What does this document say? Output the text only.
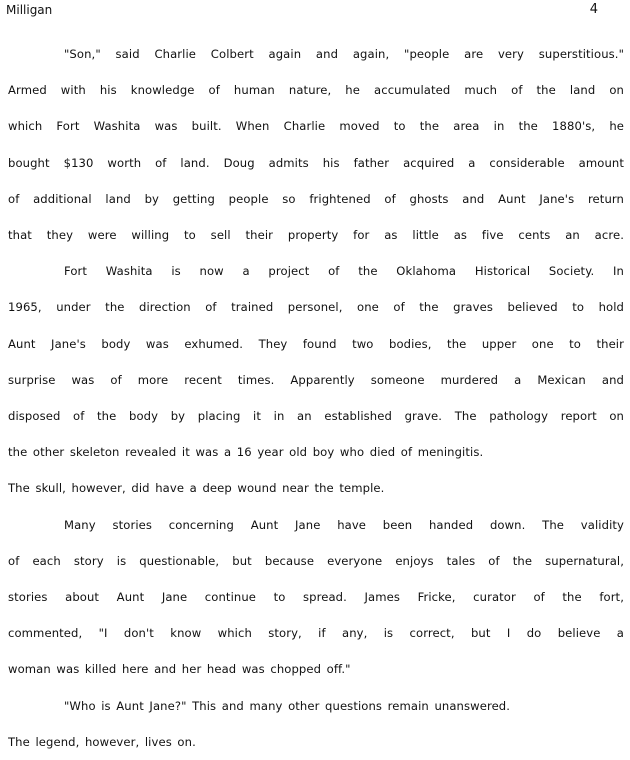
Milligan	4
"Son," said Charlie Colbert again and again, "people are very superstitious."
Armed with his knowledge of human nature, he accumulated much of the land on
which Fort Washita was built. When Charlie moved to the area in the 1880's, he
bought $130 worth of land. Doug admits his father acquired a considerable amount
of additional land by getting people so frightened of ghosts and Aunt Jane's return
that they were willing to sell their property for as little as five cents an acre.
Fort Washita is now a project of the Oklahoma Historical Society. In
1965, under the direction of trained personel, one of the graves believed to hold
Aunt Jane's body was exhumed. They found two bodies, the upper one to their
surprise was of more recent times. Apparently someone murdered a Mexican and
disposed of the body by placing it in an established grave. The pathology report on
the other skeleton revealed it was a 16 year old boy who died of meningitis.
The skull, however, did have a deep wound near the temple.
Many stories concerning Aunt Jane have been handed down. The validity
of each story is questionable, but because everyone enjoys tales of the supernatural,
stories about Aunt Jane continue to spread. James Fricke, curator of the fort,
commented, "I don't know which story, if any, is correct, but I do believe a
woman was killed here and her head was chopped off."
"Who is Aunt Jane?" This and many other questions remain unanswered.
The legend, however, lives on.
